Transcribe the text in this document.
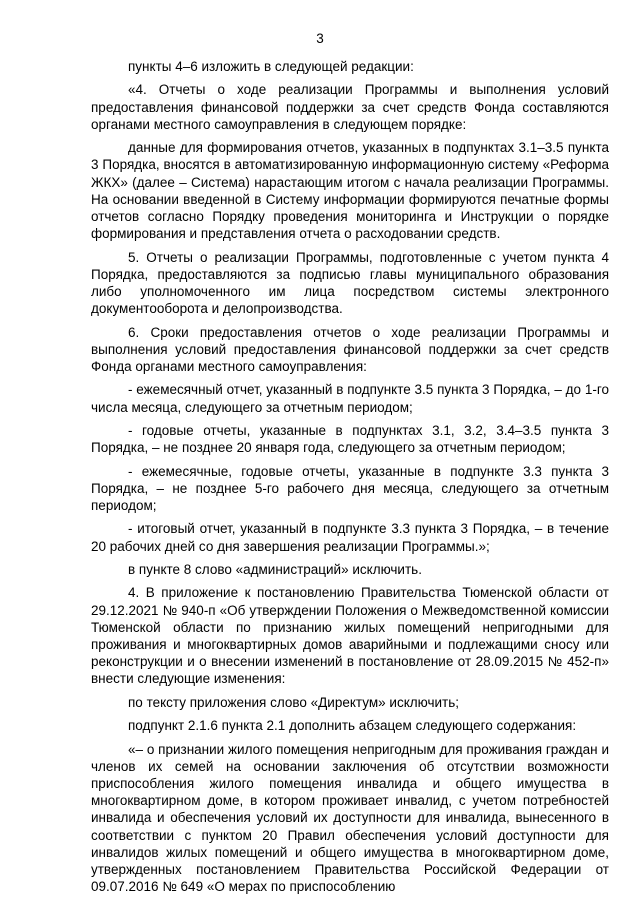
3

пункты 4–6 изложить в следующей редакции:

«4. Отчеты о ходе реализации Программы и выполнения условий предоставления финансовой поддержки за счет средств Фонда составляются органами местного самоуправления в следующем порядке:

данные для формирования отчетов, указанных в подпунктах 3.1–3.5 пункта 3 Порядка, вносятся в автоматизированную информационную систему «Реформа ЖКХ» (далее – Система) нарастающим итогом с начала реализации Программы. На основании введенной в Систему информации формируются печатные формы отчетов согласно Порядку проведения мониторинга и Инструкции о порядке формирования и представления отчета о расходовании средств.

5. Отчеты о реализации Программы, подготовленные с учетом пункта 4 Порядка, предоставляются за подписью главы муниципального образования либо уполномоченного им лица посредством системы электронного документооборота и делопроизводства.

6. Сроки предоставления отчетов о ходе реализации Программы и выполнения условий предоставления финансовой поддержки за счет средств Фонда органами местного самоуправления:

- ежемесячный отчет, указанный в подпункте 3.5 пункта 3 Порядка, – до 1-го числа месяца, следующего за отчетным периодом;

- годовые отчеты, указанные в подпунктах 3.1, 3.2, 3.4–3.5 пункта 3 Порядка, – не позднее 20 января года, следующего за отчетным периодом;

- ежемесячные, годовые отчеты, указанные в подпункте 3.3 пункта 3 Порядка, – не позднее 5-го рабочего дня месяца, следующего за отчетным периодом;

- итоговый отчет, указанный в подпункте 3.3 пункта 3 Порядка, – в течение 20 рабочих дней со дня завершения реализации Программы.»;

в пункте 8 слово «администраций» исключить.

4. В приложение к постановлению Правительства Тюменской области от 29.12.2021 № 940-п «Об утверждении Положения о Межведомственной комиссии Тюменской области по признанию жилых помещений непригодными для проживания и многоквартирных домов аварийными и подлежащими сносу или реконструкции и о внесении изменений в постановление от 28.09.2015 № 452-п» внести следующие изменения:

по тексту приложения слово «Директум» исключить;

подпункт 2.1.6 пункта 2.1 дополнить абзацем следующего содержания:

«– о признании жилого помещения непригодным для проживания граждан и членов их семей на основании заключения об отсутствии возможности приспособления жилого помещения инвалида и общего имущества в многоквартирном доме, в котором проживает инвалид, с учетом потребностей инвалида и обеспечения условий их доступности для инвалида, вынесенного в соответствии с пунктом 20 Правил обеспечения условий доступности для инвалидов жилых помещений и общего имущества в многоквартирном доме, утвержденных постановлением Правительства Российской Федерации от 09.07.2016 № 649 «О мерах по приспособлению
